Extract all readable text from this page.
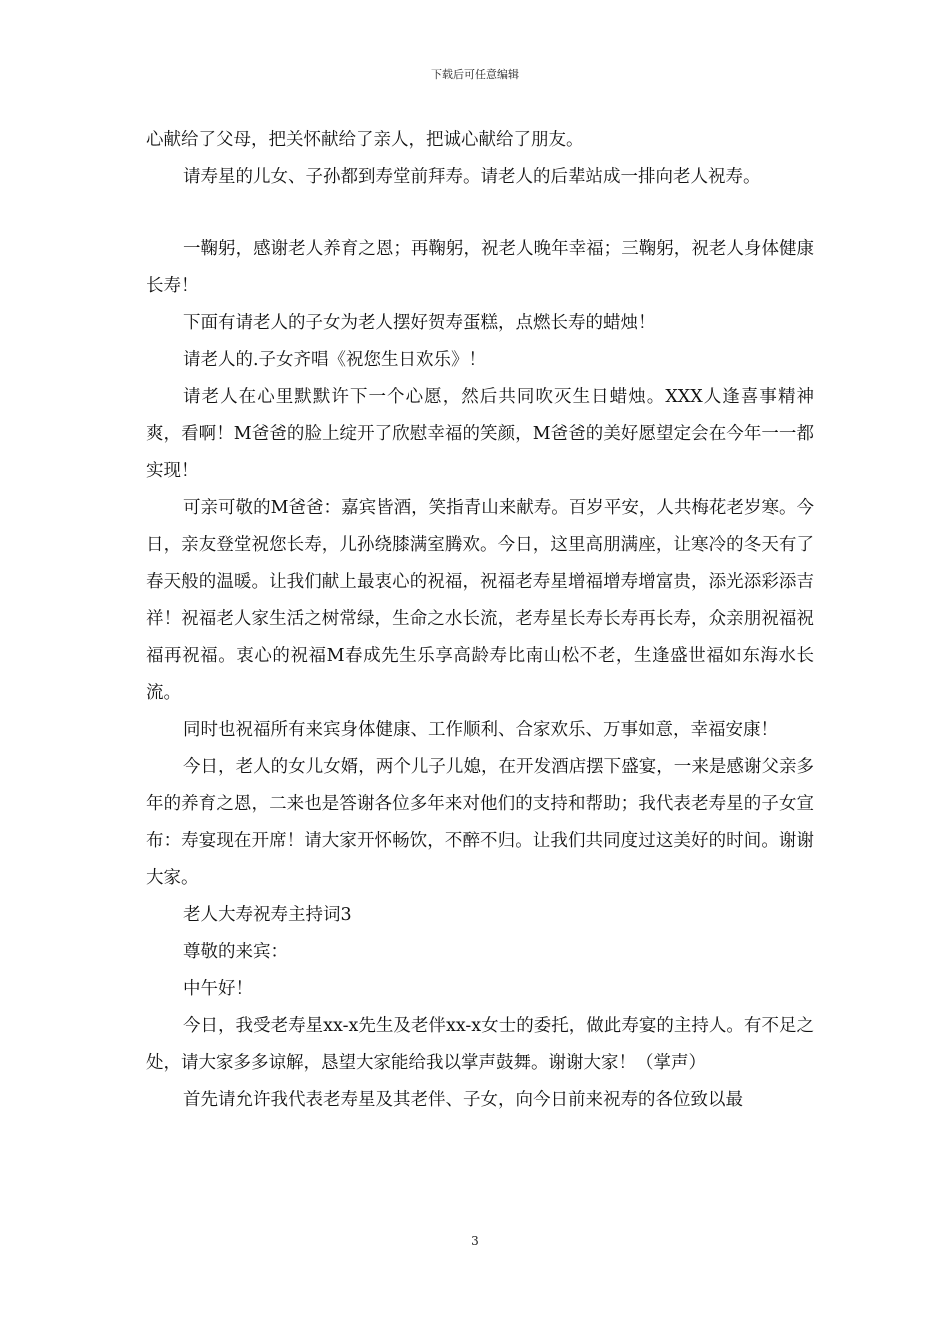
下载后可任意编辑

心献给了父母，把关怀献给了亲人，把诚心献给了朋友。

请寿星的儿女、子孙都到寿堂前拜寿。请老人的后辈站成一排向老人祝寿。

一鞠躬，感谢老人养育之恩；再鞠躬，祝老人晚年幸福；三鞠躬，祝老人身体健康长寿！

下面有请老人的子女为老人摆好贺寿蛋糕，点燃长寿的蜡烛！

请老人的.子女齐唱《祝您生日欢乐》！

请老人在心里默默许下一个心愿，然后共同吹灭生日蜡烛。XXX人逢喜事精神爽，看啊！M爸爸的脸上绽开了欣慰幸福的笑颜，M爸爸的美好愿望定会在今年一一都实现！

可亲可敬的M爸爸：嘉宾皆酒，笑指青山来献寿。百岁平安，人共梅花老岁寒。今日，亲友登堂祝您长寿，儿孙绕膝满室腾欢。今日，这里高朋满座，让寒冷的冬天有了春天般的温暖。让我们献上最衷心的祝福，祝福老寿星增福增寿增富贵，添光添彩添吉祥！祝福老人家生活之树常绿，生命之水长流，老寿星长寿长寿再长寿，众亲朋祝福祝福再祝福。衷心的祝福M春成先生乐享高龄寿比南山松不老，生逢盛世福如东海水长流。

同时也祝福所有来宾身体健康、工作顺利、合家欢乐、万事如意，幸福安康！

今日，老人的女儿女婿，两个儿子儿媳，在开发酒店摆下盛宴，一来是感谢父亲多年的养育之恩，二来也是答谢各位多年来对他们的支持和帮助；我代表老寿星的子女宣布：寿宴现在开席！请大家开怀畅饮，不醉不归。让我们共同度过这美好的时间。谢谢大家。

老人大寿祝寿主持词3

尊敬的来宾：

中午好！

今日，我受老寿星xx-x先生及老伴xx-x女士的委托，做此寿宴的主持人。有不足之处，请大家多多谅解，恳望大家能给我以掌声鼓舞。谢谢大家！（掌声）

首先请允许我代表老寿星及其老伴、子女，向今日前来祝寿的各位致以最

3
